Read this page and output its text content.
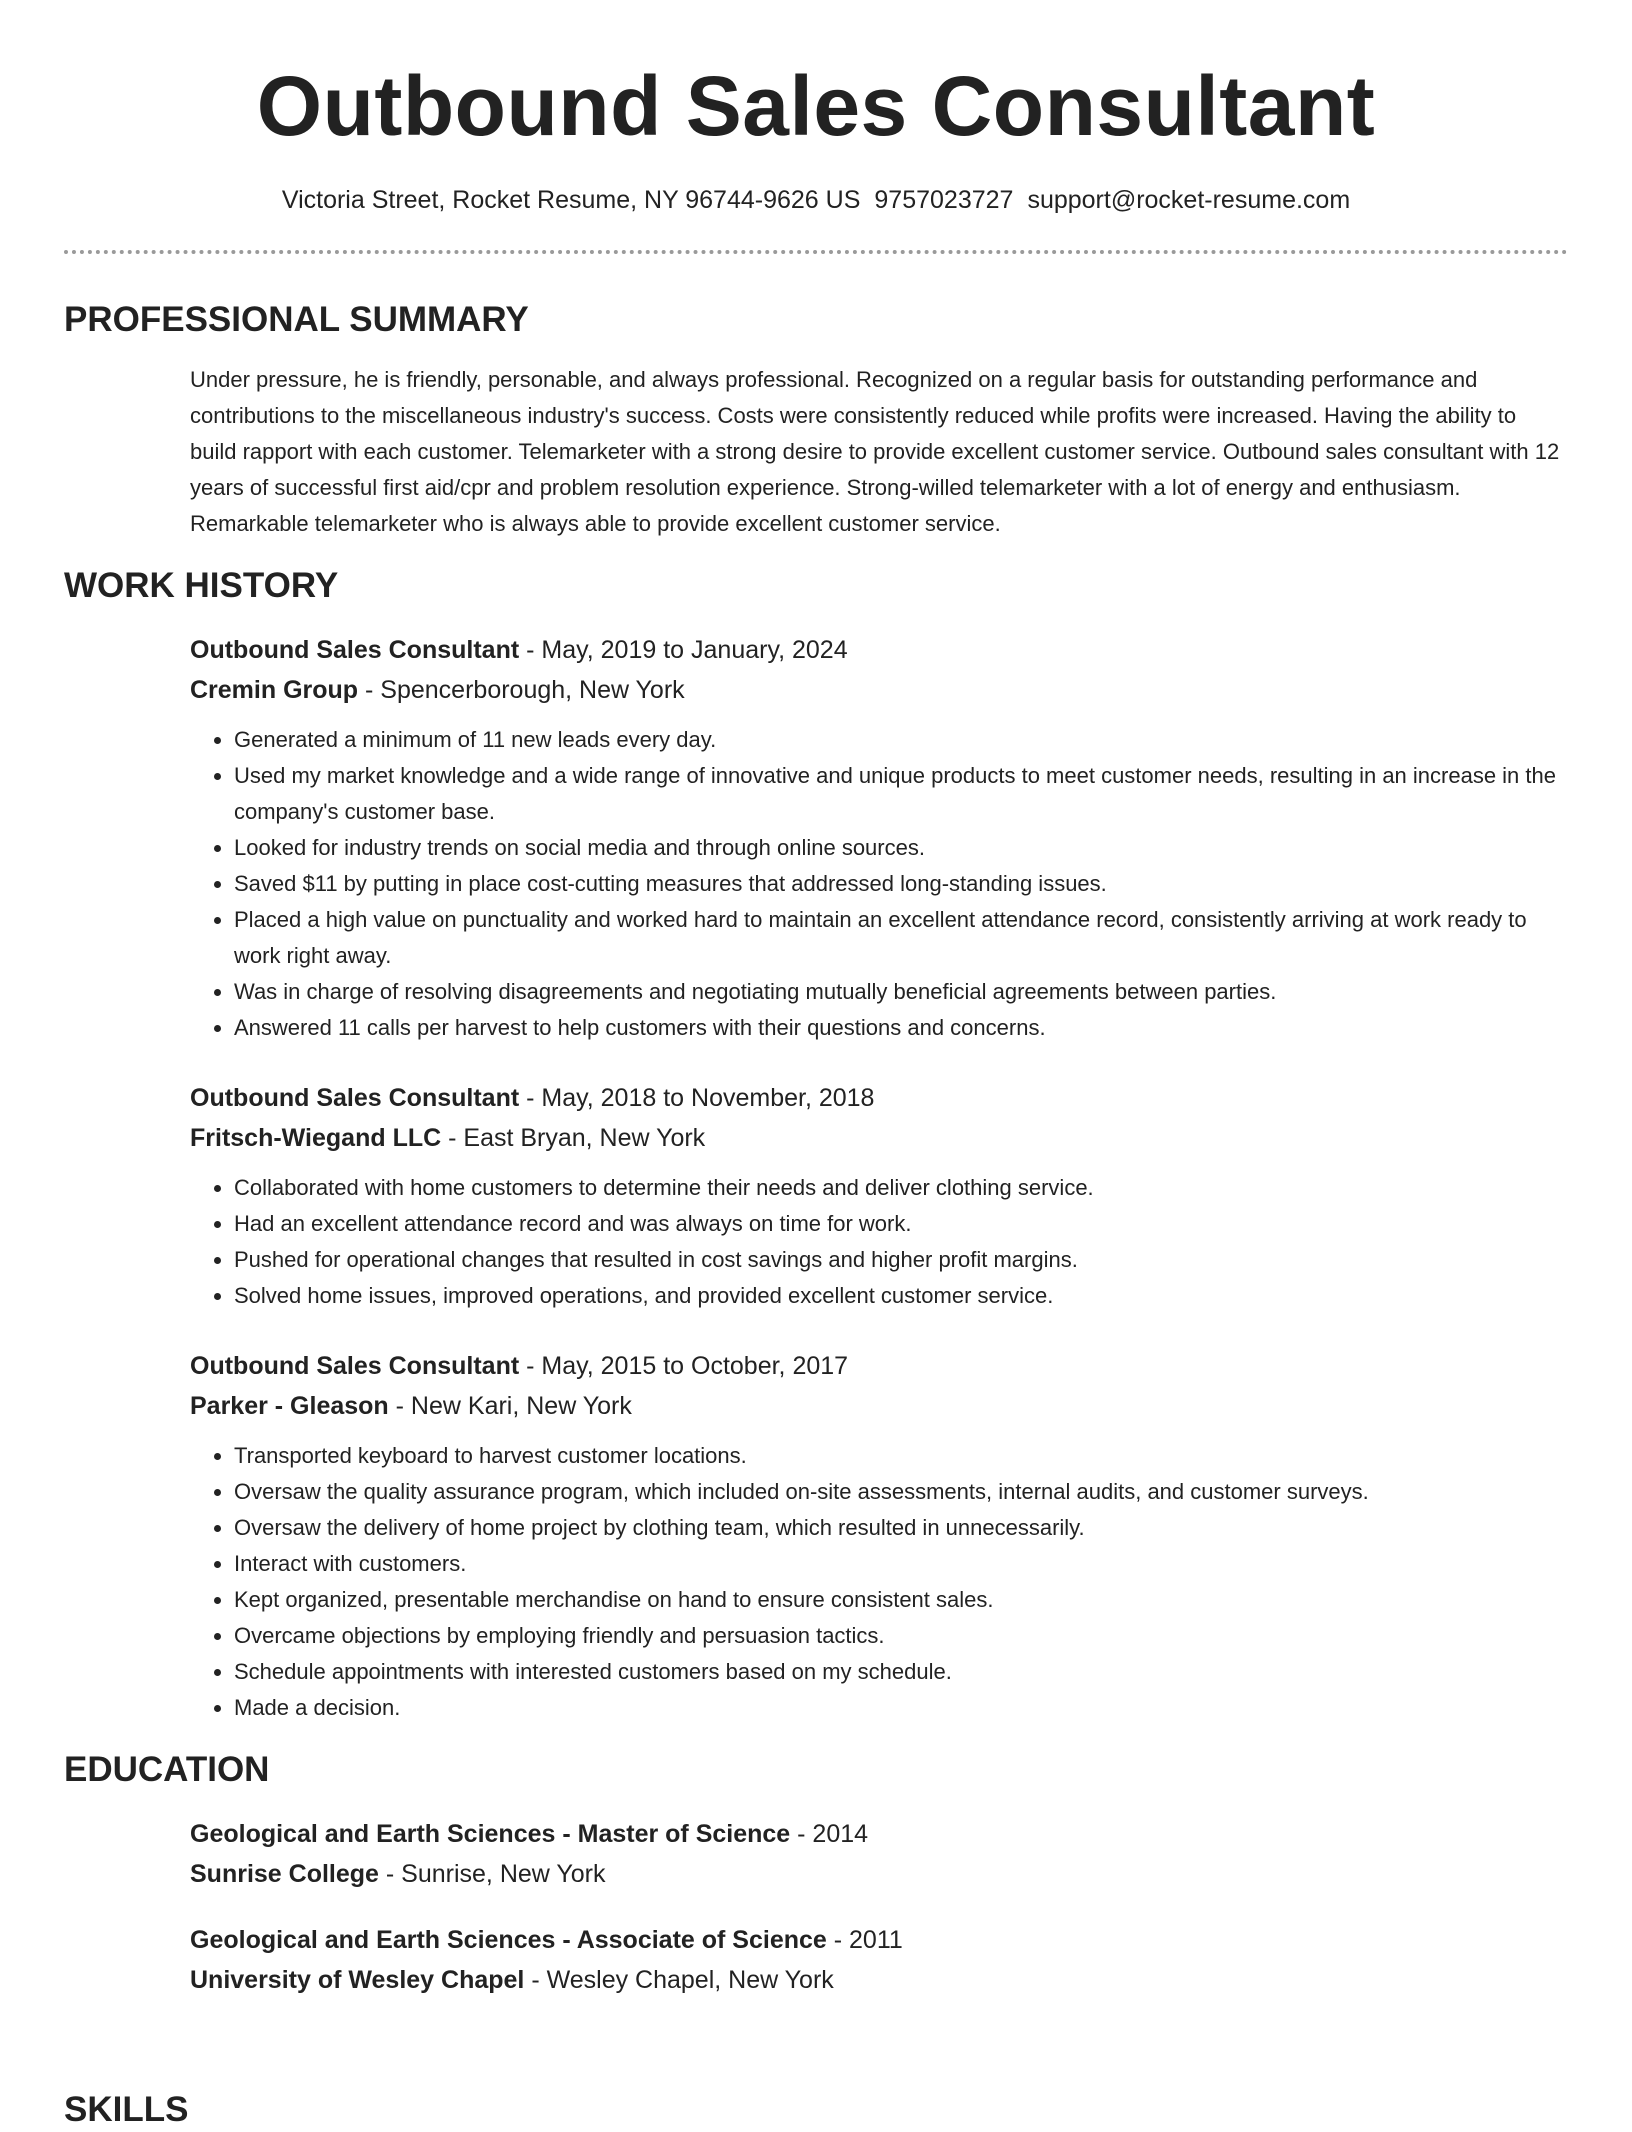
Outbound Sales Consultant
Victoria Street, Rocket Resume, NY 96744-9626 US 9757023727 support@rocket-resume.com
PROFESSIONAL SUMMARY
Under pressure, he is friendly, personable, and always professional. Recognized on a regular basis for outstanding performance and contributions to the miscellaneous industry's success. Costs were consistently reduced while profits were increased. Having the ability to build rapport with each customer. Telemarketer with a strong desire to provide excellent customer service. Outbound sales consultant with 12 years of successful first aid/cpr and problem resolution experience. Strong-willed telemarketer with a lot of energy and enthusiasm. Remarkable telemarketer who is always able to provide excellent customer service.
WORK HISTORY
Outbound Sales Consultant - May, 2019 to January, 2024
Cremin Group - Spencerborough, New York
• Generated a minimum of 11 new leads every day.
• Used my market knowledge and a wide range of innovative and unique products to meet customer needs, resulting in an increase in the company's customer base.
• Looked for industry trends on social media and through online sources.
• Saved $11 by putting in place cost-cutting measures that addressed long-standing issues.
• Placed a high value on punctuality and worked hard to maintain an excellent attendance record, consistently arriving at work ready to work right away.
• Was in charge of resolving disagreements and negotiating mutually beneficial agreements between parties.
• Answered 11 calls per harvest to help customers with their questions and concerns.
Outbound Sales Consultant - May, 2018 to November, 2018
Fritsch-Wiegand LLC - East Bryan, New York
• Collaborated with home customers to determine their needs and deliver clothing service.
• Had an excellent attendance record and was always on time for work.
• Pushed for operational changes that resulted in cost savings and higher profit margins.
• Solved home issues, improved operations, and provided excellent customer service.
Outbound Sales Consultant - May, 2015 to October, 2017
Parker - Gleason - New Kari, New York
• Transported keyboard to harvest customer locations.
• Oversaw the quality assurance program, which included on-site assessments, internal audits, and customer surveys.
• Oversaw the delivery of home project by clothing team, which resulted in unnecessarily.
• Interact with customers.
• Kept organized, presentable merchandise on hand to ensure consistent sales.
• Overcame objections by employing friendly and persuasion tactics.
• Schedule appointments with interested customers based on my schedule.
• Made a decision.
EDUCATION
Geological and Earth Sciences - Master of Science - 2014
Sunrise College - Sunrise, New York
Geological and Earth Sciences - Associate of Science - 2011
University of Wesley Chapel - Wesley Chapel, New York
SKILLS
